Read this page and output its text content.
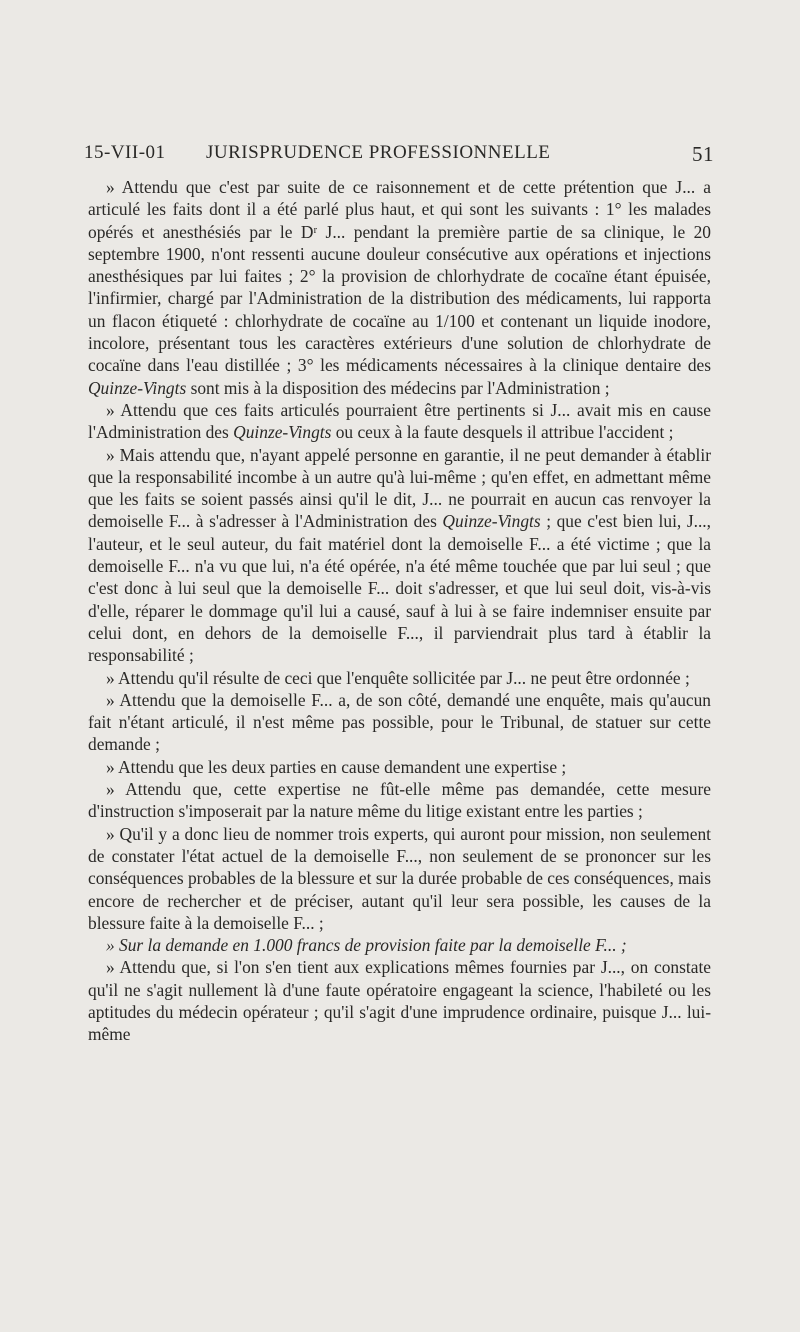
15-VII-01 JURISPRUDENCE PROFESSIONNELLE	51

» Attendu que c'est par suite de ce raisonnement et de cette prétention que J... a articulé les faits dont il a été parlé plus haut, et qui sont les suivants : 1° les malades opérés et anesthésiés par le Dʳ J... pendant la première partie de sa clinique, le 20 septembre 1900, n'ont ressenti aucune douleur consécutive aux opérations et injections anesthésiques par lui faites ; 2° la provision de chlorhydrate de cocaïne étant épuisée, l'infirmier, chargé par l'Administration de la distribution des médicaments, lui rapporta un flacon étiqueté : chlorhydrate de cocaïne au 1/100 et contenant un liquide inodore, incolore, présentant tous les caractères extérieurs d'une solution de chlorhydrate de cocaïne dans l'eau distillée ; 3° les médicaments nécessaires à la clinique dentaire des Quinze-Vingts sont mis à la disposition des médecins par l'Administration ;

» Attendu que ces faits articulés pourraient être pertinents si J... avait mis en cause l'Administration des Quinze-Vingts ou ceux à la faute desquels il attribue l'accident ;

» Mais attendu que, n'ayant appelé personne en garantie, il ne peut demander à établir que la responsabilité incombe à un autre qu'à lui-même ; qu'en effet, en admettant même que les faits se soient passés ainsi qu'il le dit, J... ne pourrait en aucun cas renvoyer la demoiselle F... à s'adresser à l'Administration des Quinze-Vingts ; que c'est bien lui, J..., l'auteur, et le seul auteur, du fait matériel dont la demoiselle F... a été victime ; que la demoiselle F... n'a vu que lui, n'a été opérée, n'a été même touchée que par lui seul ; que c'est donc à lui seul que la demoiselle F... doit s'adresser, et que lui seul doit, vis-à-vis d'elle, réparer le dommage qu'il lui a causé, sauf à lui à se faire indemniser ensuite par celui dont, en dehors de la demoiselle F..., il parviendrait plus tard à établir la responsabilité ;

» Attendu qu'il résulte de ceci que l'enquête sollicitée par J... ne peut être ordonnée ;

» Attendu que la demoiselle F... a, de son côté, demandé une enquête, mais qu'aucun fait n'étant articulé, il n'est même pas possible, pour le Tribunal, de statuer sur cette demande ;

» Attendu que les deux parties en cause demandent une expertise ;

» Attendu que, cette expertise ne fût-elle même pas demandée, cette mesure d'instruction s'imposerait par la nature même du litige existant entre les parties ;

» Qu'il y a donc lieu de nommer trois experts, qui auront pour mission, non seulement de constater l'état actuel de la demoiselle F..., non seulement de se prononcer sur les conséquences probables de la blessure et sur la durée probable de ces conséquences, mais encore de rechercher et de préciser, autant qu'il leur sera possible, les causes de la blessure faite à la demoiselle F... ;

» Sur la demande en 1.000 francs de provision faite par la demoiselle F... ;

» Attendu que, si l'on s'en tient aux explications mêmes fournies par J..., on constate qu'il ne s'agit nullement là d'une faute opératoire engageant la science, l'habileté ou les aptitudes du médecin opérateur ; qu'il s'agit d'une imprudence ordinaire, puisque J... lui-même
